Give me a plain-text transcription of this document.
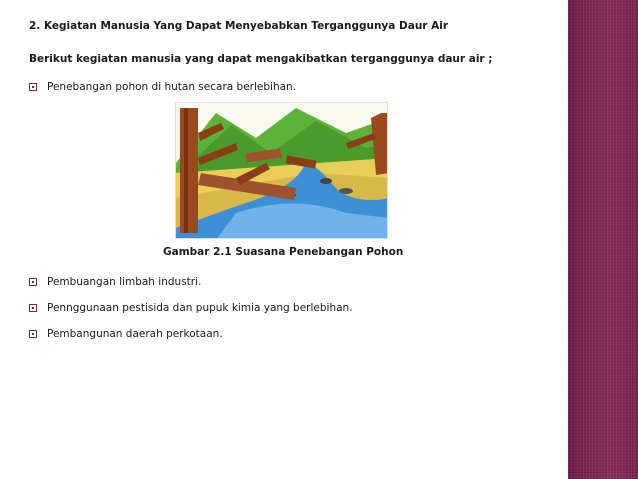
2. Kegiatan Manusia Yang Dapat Menyebabkan Terganggunya Daur Air
Berikut kegiatan manusia yang dapat mengakibatkan terganggunya daur air ;
Penebangan pohon di hutan secara berlebihan.
Gambar 2.1 Suasana Penebangan Pohon
Pembuangan limbah industri.
Pennggunaan pestisida dan pupuk kimia yang berlebihan.
Pembangunan daerah perkotaan.
